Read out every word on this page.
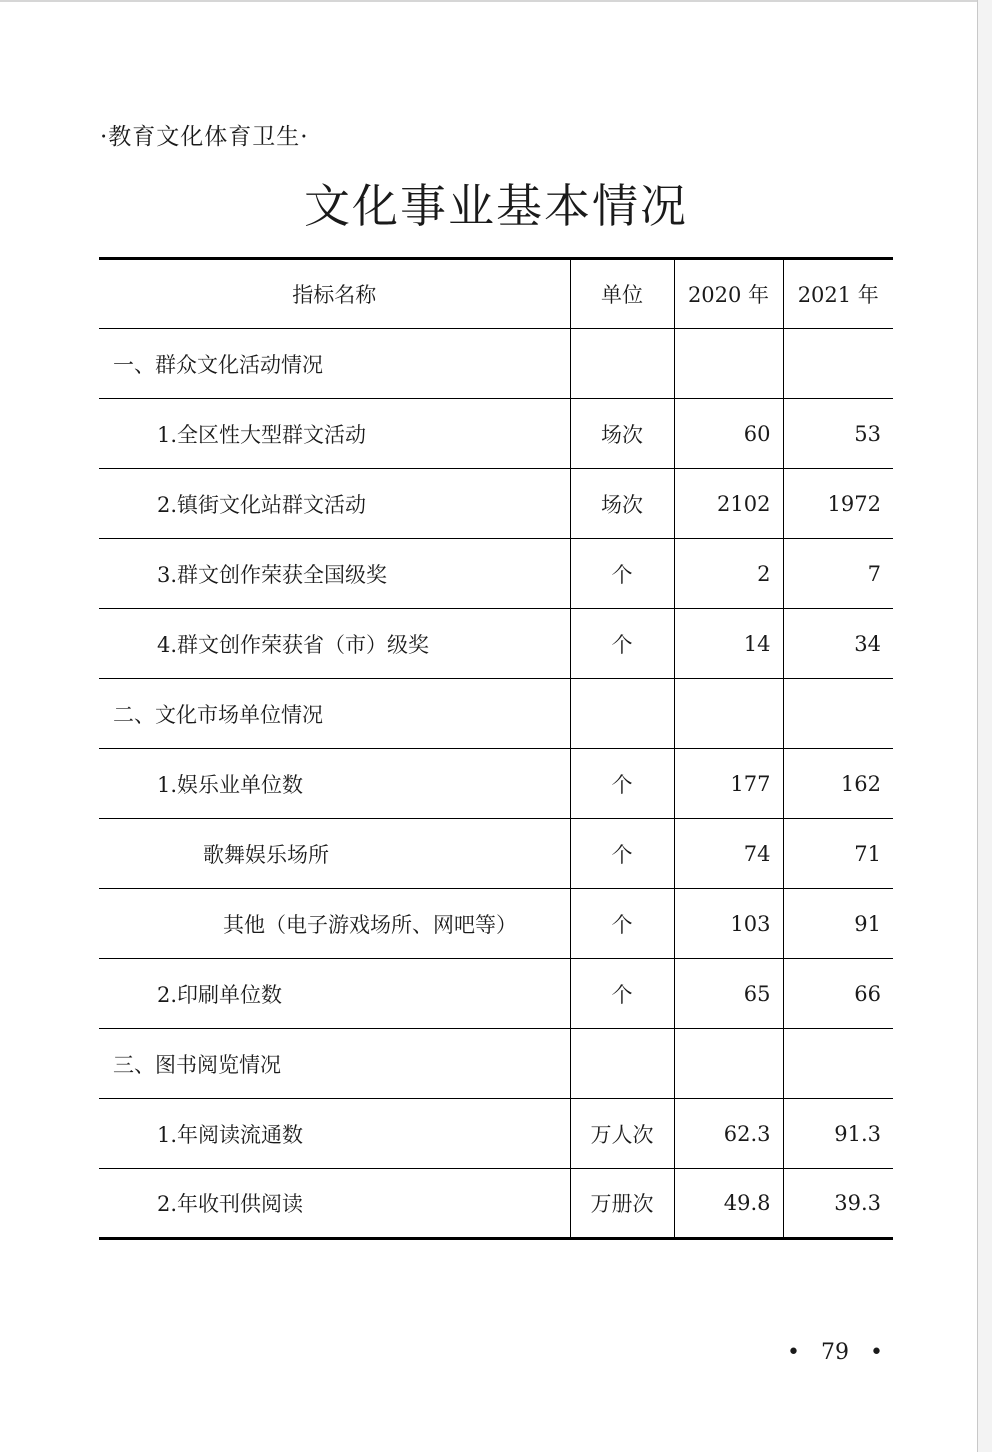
·教育文化体育卫生·
文化事业基本情况
指标名称	单位	2020 年	2021 年
一、群众文化活动情况			
1.全区性大型群文活动	场次	60	53
2.镇街文化站群文活动	场次	2102	1972
3.群文创作荣获全国级奖	个	2	7
4.群文创作荣获省（市）级奖	个	14	34
二、文化市场单位情况			
1.娱乐业单位数	个	177	162
歌舞娱乐场所	个	74	71
其他（电子游戏场所、网吧等）	个	103	91
2.印刷单位数	个	65	66
三、图书阅览情况			
1.年阅读流通数	万人次	62.3	91.3
2.年收刊供阅读	万册次	49.8	39.3
• 79 •
